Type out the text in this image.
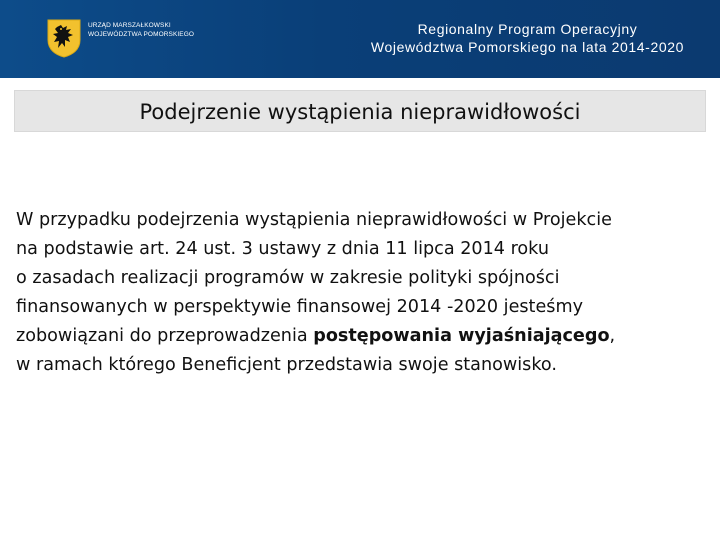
URZĄD MARSZAŁKOWSKI
WOJEWÓDZTWA POMORSKIEGO	Regionalny Program Operacyjny
Województwa Pomorskiego na lata 2014-2020
Podejrzenie wystąpienia nieprawidłowości
W przypadku podejrzenia wystąpienia nieprawidłowości w Projekcie
na podstawie art. 24 ust. 3 ustawy z dnia 11 lipca 2014 roku
o zasadach realizacji programów w zakresie polityki spójności
finansowanych w perspektywie finansowej 2014 -2020 jesteśmy
zobowiązani do przeprowadzenia postępowania wyjaśniającego,
w ramach którego Beneficjent przedstawia swoje stanowisko.
